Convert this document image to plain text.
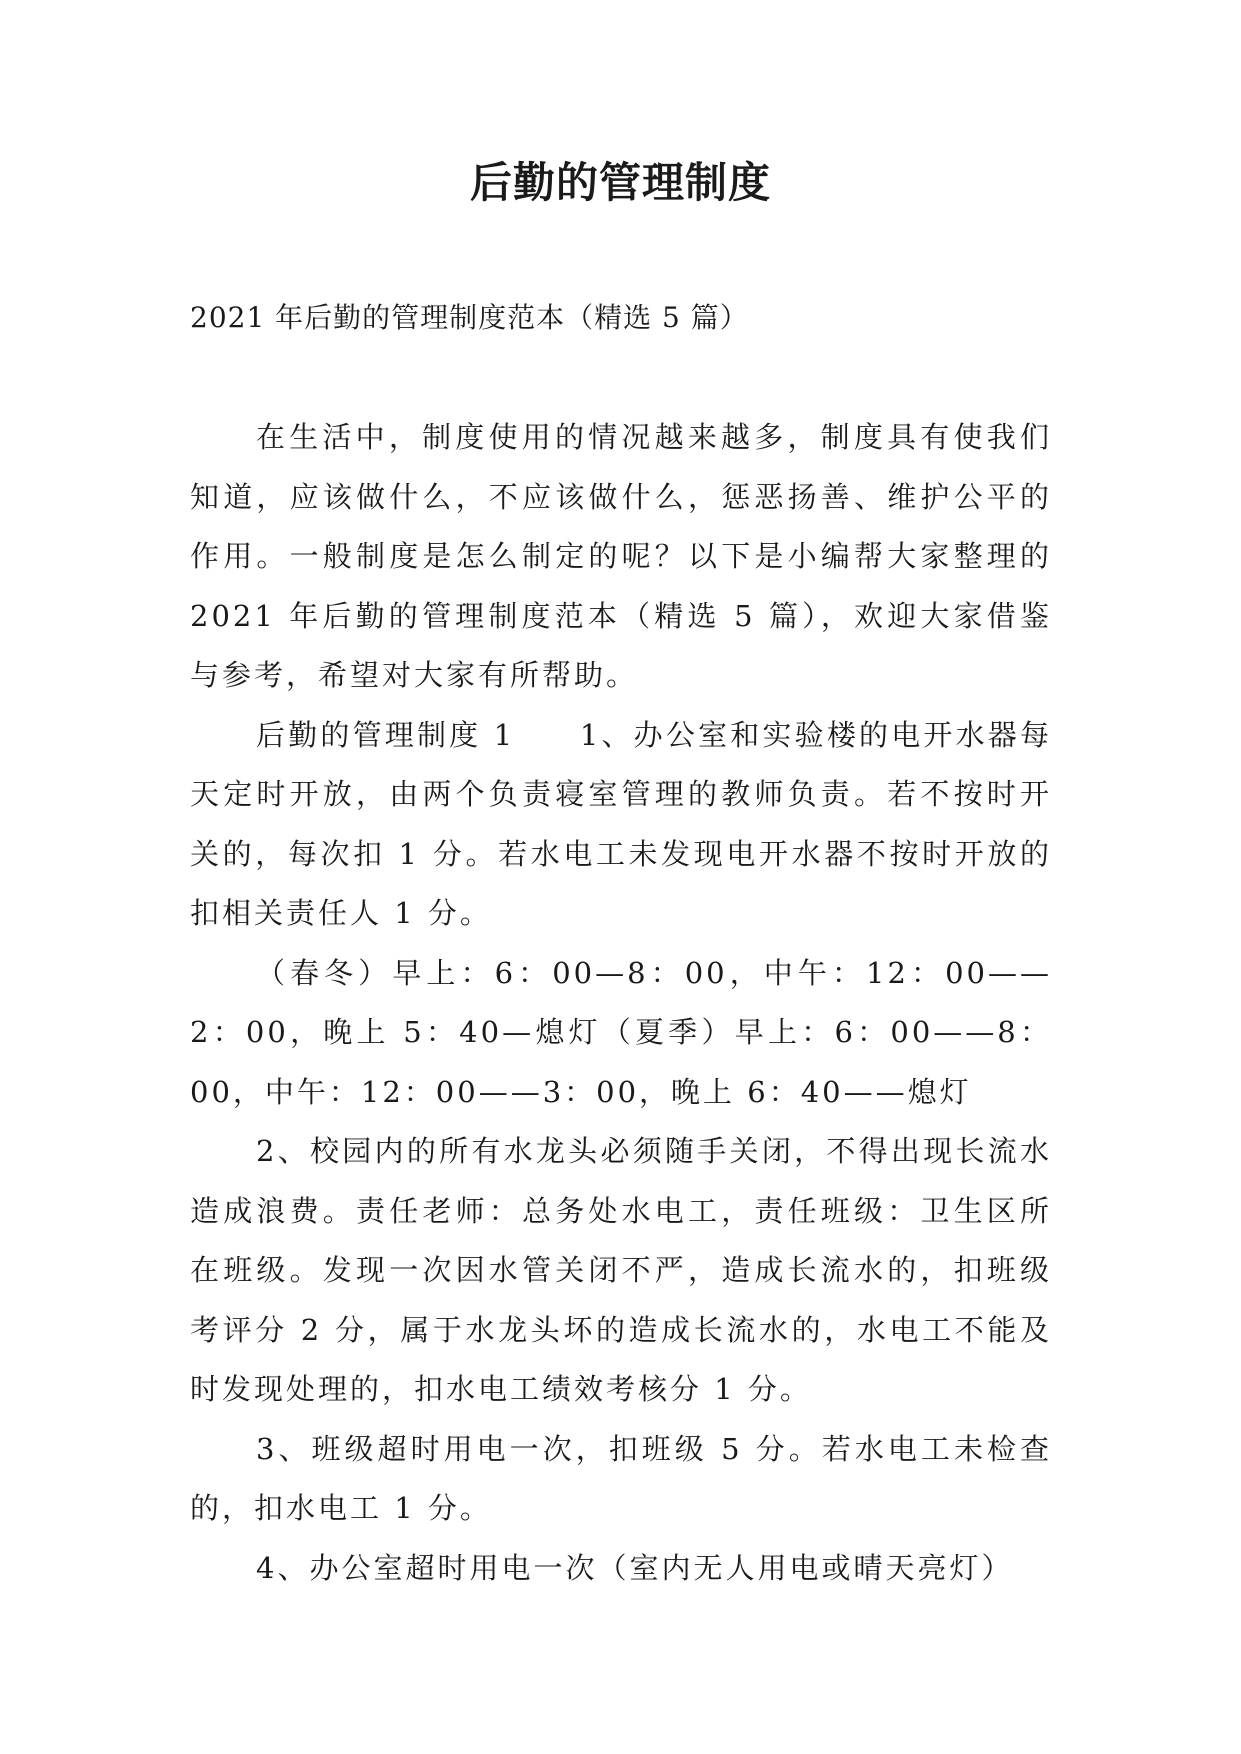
后勤的管理制度

2021 年后勤的管理制度范本（精选 5 篇）

在生活中，制度使用的情况越来越多，制度具有使我们知道，应该做什么，不应该做什么，惩恶扬善、维护公平的作用。一般制度是怎么制定的呢？以下是小编帮大家整理的 2021 年后勤的管理制度范本（精选 5 篇），欢迎大家借鉴与参考，希望对大家有所帮助。

后勤的管理制度 1　　1、办公室和实验楼的电开水器每天定时开放，由两个负责寝室管理的教师负责。若不按时开关的，每次扣 1 分。若水电工未发现电开水器不按时开放的扣相关责任人 1 分。

（春冬）早上：6：00—8：00，中午：12：00——2：00，晚上 5：40—熄灯（夏季）早上：6：00——8：00，中午：12：00——3：00，晚上 6：40——熄灯

2、校园内的所有水龙头必须随手关闭，不得出现长流水造成浪费。责任老师：总务处水电工，责任班级：卫生区所在班级。发现一次因水管关闭不严，造成长流水的，扣班级考评分 2 分，属于水龙头坏的造成长流水的，水电工不能及时发现处理的，扣水电工绩效考核分 1 分。

3、班级超时用电一次，扣班级 5 分。若水电工未检查的，扣水电工 1 分。

4、办公室超时用电一次（室内无人用电或晴天亮灯）
